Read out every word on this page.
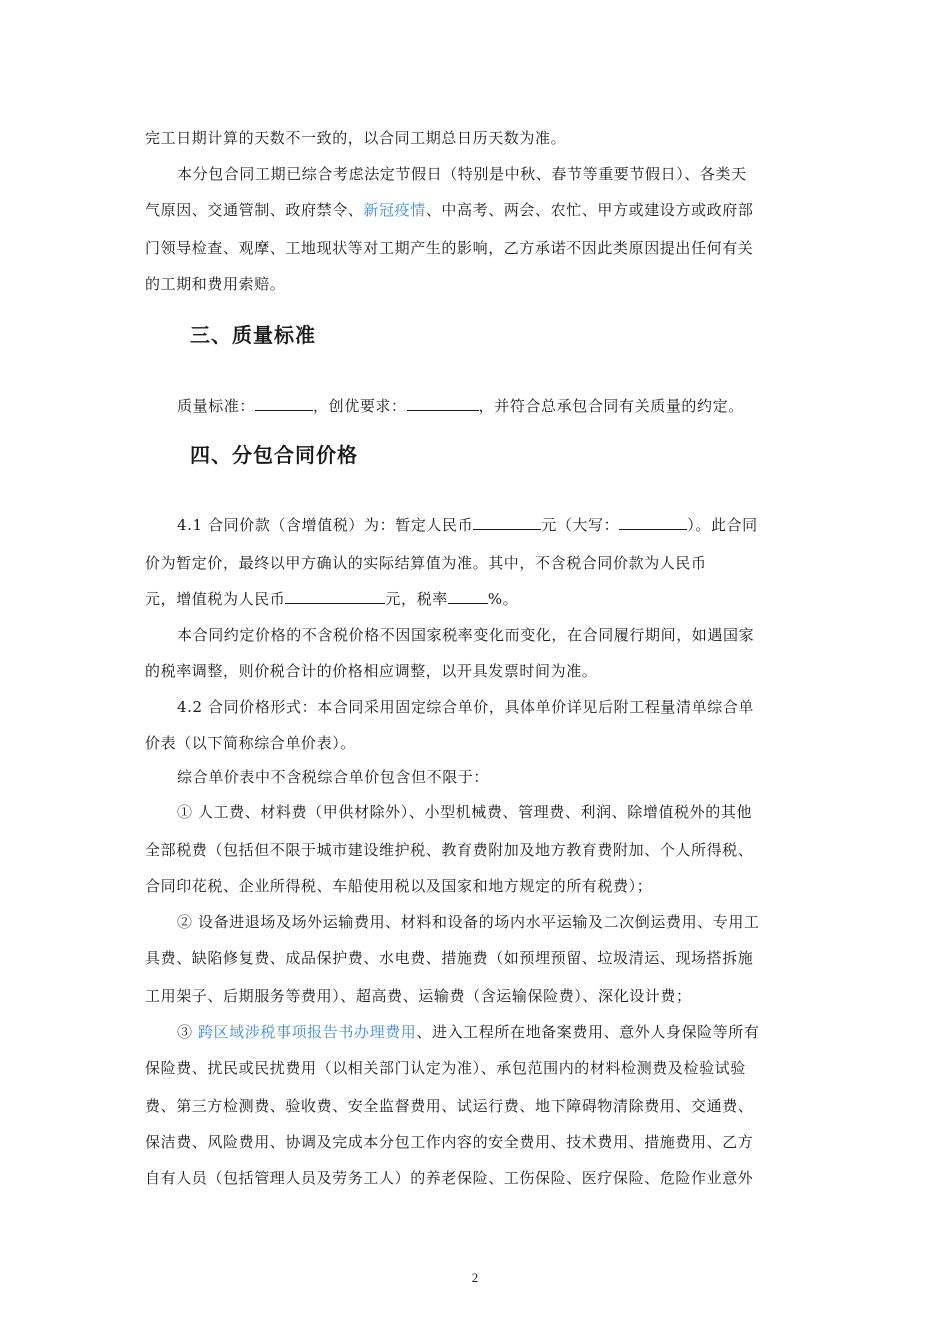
完工日期计算的天数不一致的，以合同工期总日历天数为准。
本分包合同工期已综合考虑法定节假日（特别是中秋、春节等重要节假日）、各类天
气原因、交通管制、政府禁令、新冠疫情、中高考、两会、农忙、甲方或建设方或政府部
门领导检查、观摩、工地现状等对工期产生的影响，乙方承诺不因此类原因提出任何有关
的工期和费用索赔。
三、质量标准
质量标准：	，创优要求：	，并符合总承包合同有关质量的约定。
四、分包合同价格
4.1 合同价款（含增值税）为：暂定人民币	元（大写：	）。此合同
价为暂定价，最终以甲方确认的实际结算值为准。其中，不含税合同价款为人民币
元，增值税为人民币	元，税率	%。
本合同约定价格的不含税价格不因国家税率变化而变化，在合同履行期间，如遇国家
的税率调整，则价税合计的价格相应调整，以开具发票时间为准。
4.2 合同价格形式：本合同采用固定综合单价，具体单价详见后附工程量清单综合单
价表（以下简称综合单价表）。
综合单价表中不含税综合单价包含但不限于：
① 人工费、材料费（甲供材除外）、小型机械费、管理费、利润、除增值税外的其他
全部税费（包括但不限于城市建设维护税、教育费附加及地方教育费附加、个人所得税、
合同印花税、企业所得税、车船使用税以及国家和地方规定的所有税费）；
② 设备进退场及场外运输费用、材料和设备的场内水平运输及二次倒运费用、专用工
具费、缺陷修复费、成品保护费、水电费、措施费（如预埋预留、垃圾清运、现场搭拆施
工用架子、后期服务等费用）、超高费、运输费（含运输保险费）、深化设计费；
③ 跨区域涉税事项报告书办理费用、进入工程所在地备案费用、意外人身保险等所有
保险费、扰民或民扰费用（以相关部门认定为准）、承包范围内的材料检测费及检验试验
费、第三方检测费、验收费、安全监督费用、试运行费、地下障碍物清除费用、交通费、
保洁费、风险费用、协调及完成本分包工作内容的安全费用、技术费用、措施费用、乙方
自有人员（包括管理人员及劳务工人）的养老保险、工伤保险、医疗保险、危险作业意外
2
